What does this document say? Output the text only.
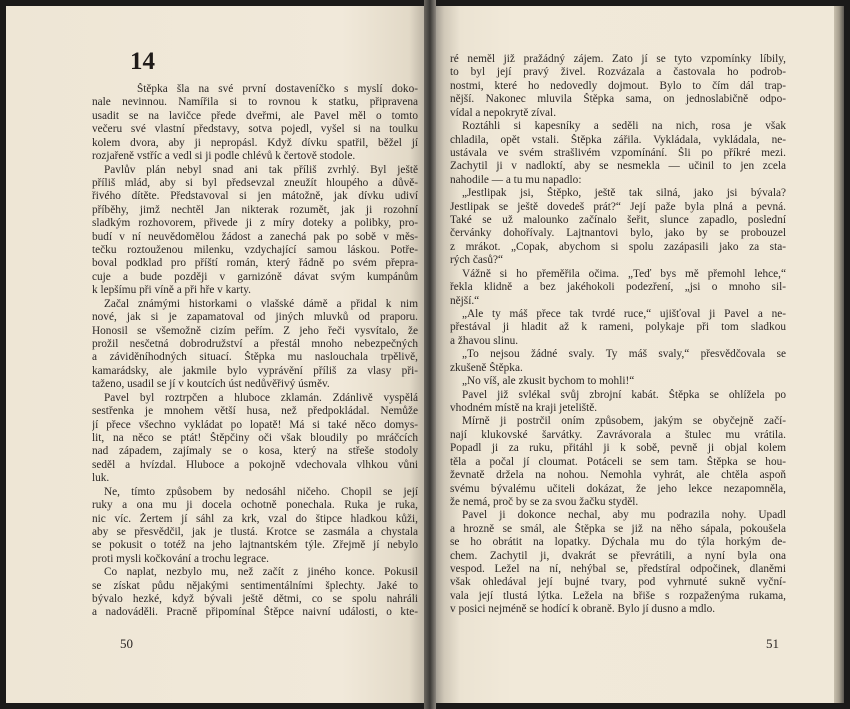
14
Štěpka šla na své první dostaveníčko s myslí doko-
nale nevinnou. Namířila si to rovnou k statku, připravena
usadit se na lavičce přede dveřmi, ale Pavel měl o tomto
večeru své vlastní představy, sotva pojedl, vyšel si na toulku
kolem dvora, aby ji nepropásl. Když dívku spatřil, běžel jí
rozjařeně vstříc a vedl si ji podle chlévů k čertově stodole.
Pavlův plán nebyl snad ani tak příliš zvrhlý. Byl ještě
příliš mlád, aby si byl předsevzal zneužít hloupého a důvě-
řivého dítěte. Představoval si jen mátožně, jak dívku udiví
příběhy, jimž nechtěl Jan nikterak rozumět, jak ji rozohní
sladkým rozhovorem, přivede ji z míry doteky a polibky, pro-
budí v ní neuvědomělou žádost a zanechá pak po sobě v měs-
tečku roztouženou milenku, vzdychající samou láskou. Potře-
boval podklad pro příští román, který řádně po svém přepra-
cuje a bude později v garnizóně dávat svým kumpánům
k lepšímu při víně a při hře v karty.
Začal známými historkami o vlašské dámě a přidal k nim
nové, jak si je zapamatoval od jiných mluvků od praporu.
Honosil se všemožně cizím peřím. Z jeho řeči vysvítalo, že
prožil nesčetná dobrodružství a přestál mnoho nebezpečných
a záviděníhodných situací. Štěpka mu naslouchala trpělivě,
kamarádsky, ale jakmile bylo vyprávění příliš za vlasy při-
taženo, usadil se jí v koutcích úst nedůvěřivý úsměv.
Pavel byl roztrpčen a hluboce zklamán. Zdánlivě vyspělá
sestřenka je mnohem větší husa, než předpokládal. Nemůže
jí přece všechno vykládat po lopatě! Má si také něco domys-
lit, na něco se ptát! Štěpčiny oči však bloudily po mráčcích
nad západem, zajímaly se o kosa, který na střeše stodoly
seděl a hvízdal. Hluboce a pokojně vdechovala vlhkou vůni
luk.
Ne, tímto způsobem by nedosáhl ničeho. Chopil se její
ruky a ona mu ji docela ochotně ponechala. Ruka je ruka,
nic víc. Žertem jí sáhl za krk, vzal do štipce hladkou kůži,
aby se přesvědčil, jak je tlustá. Krotce se zasmála a chystala
se pokusit o totéž na jeho lajtnantském týle. Zřejmě jí nebylo
proti mysli kočkování a trochu legrace.
Co naplat, nezbylo mu, než začít z jiného konce. Pokusil
se získat půdu nějakými sentimentálními šplechty. Jaké to
bývalo hezké, když bývali ještě dětmi, co se spolu nahráli
a nadováděli. Pracně připomínal Štěpce naivní události, o kte-
ré neměl již pražádný zájem. Zato jí se tyto vzpomínky líbily,
to byl její pravý živel. Rozvázala a častovala ho podrob-
nostmi, které ho nedovedly dojmout. Bylo to čím dál trap-
nější. Nakonec mluvila Štěpka sama, on jednoslabičně odpo-
vídal a nepokrytě zíval.
Roztáhli si kapesníky a seděli na nich, rosa je však
chladila, opět vstali. Štěpka zářila. Vykládala, vykládala, ne-
ustávala ve svém strašlivém vzpomínání. Šli po příkré mezi.
Zachytil ji v nadloktí, aby se nesmekla — učinil to jen zcela
nahodile — a tu mu napadlo:
„Jestlipak jsi, Štěpko, ještě tak silná, jako jsi bývala?
Jestlipak se ještě dovedeš prát?“ Její paže byla plná a pevná.
Také se už malounko začínalo šeřit, slunce zapadlo, poslední
červánky dohořívaly. Lajtnantovi bylo, jako by se probouzel
z mrákot. „Copak, abychom si spolu zazápasili jako za sta-
rých časů?“
Vážně si ho přeměřila očima. „Teď bys mě přemohl lehce,“
řekla klidně a bez jakéhokoli podezření, „jsi o mnoho sil-
nější.“
„Ale ty máš přece tak tvrdé ruce,“ ujišťoval ji Pavel a ne-
přestával ji hladit až k rameni, polykaje při tom sladkou
a žhavou slinu.
„To nejsou žádné svaly. Ty máš svaly,“ přesvědčovala se
zkušeně Štěpka.
„No víš, ale zkusit bychom to mohli!“
Pavel již svlékal svůj zbrojní kabát. Štěpka se ohlížela po
vhodném místě na kraji jeteliště.
Mírně ji postrčil oním způsobem, jakým se obyčejně začí-
nají klukovské šarvátky. Zavrávorala a štulec mu vrátila.
Popadl ji za ruku, přitáhl ji k sobě, pevně ji objal kolem
těla a počal jí cloumat. Potáceli se sem tam. Štěpka se hou-
ževnatě držela na nohou. Nemohla vyhrát, ale chtěla aspoň
svému bývalému učiteli dokázat, že jeho lekce nezapomněla,
že nemá, proč by se za svou žačku styděl.
Pavel ji dokonce nechal, aby mu podrazila nohy. Upadl
a hrozně se smál, ale Štěpka se již na něho sápala, pokoušela
se ho obrátit na lopatky. Dýchala mu do týla horkým de-
chem. Zachytil ji, dvakrát se převrátili, a nyní byla ona
vespod. Ležel na ní, nehýbal se, předstíral odpočinek, dlaněmi
však ohledával její bujné tvary, pod vyhrnuté sukně vyční-
vala její tlustá lýtka. Ležela na břiše s rozpaženýma rukama,
v posici nejméně se hodící k obraně. Bylo jí dusno a mdlo.
50	51
